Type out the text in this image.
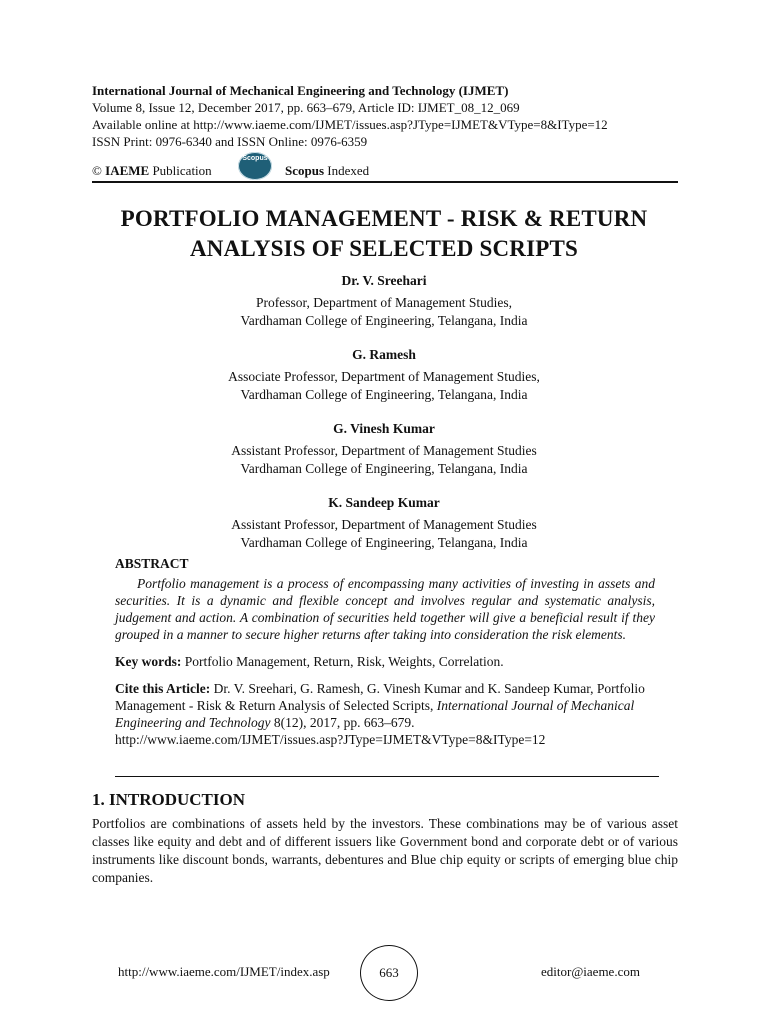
International Journal of Mechanical Engineering and Technology (IJMET)
Volume 8, Issue 12, December 2017, pp. 663–679, Article ID: IJMET_08_12_069
Available online at http://www.iaeme.com/IJMET/issues.asp?JType=IJMET&VType=8&IType=12
ISSN Print: 0976-6340 and ISSN Online: 0976-6359
© IAEME Publication
Scopus
Scopus Indexed
PORTFOLIO MANAGEMENT - RISK & RETURN
ANALYSIS OF SELECTED SCRIPTS
Dr. V. Sreehari
Professor, Department of Management Studies,
Vardhaman College of Engineering, Telangana, India
G. Ramesh
Associate Professor, Department of Management Studies,
Vardhaman College of Engineering, Telangana, India
G. Vinesh Kumar
Assistant Professor, Department of Management Studies
Vardhaman College of Engineering, Telangana, India
K. Sandeep Kumar
Assistant Professor, Department of Management Studies
Vardhaman College of Engineering, Telangana, India
ABSTRACT
Portfolio management is a process of encompassing many activities of investing in assets and securities. It is a dynamic and flexible concept and involves regular and systematic analysis, judgement and action. A combination of securities held together will give a beneficial result if they grouped in a manner to secure higher returns after taking into consideration the risk elements.
Key words: Portfolio Management, Return, Risk, Weights, Correlation.
Cite this Article: Dr. V. Sreehari, G. Ramesh, G. Vinesh Kumar and K. Sandeep Kumar, Portfolio Management - Risk & Return Analysis of Selected Scripts, International Journal of Mechanical Engineering and Technology 8(12), 2017, pp. 663–679.
http://www.iaeme.com/IJMET/issues.asp?JType=IJMET&VType=8&IType=12
1. INTRODUCTION
Portfolios are combinations of assets held by the investors. These combinations may be of various asset classes like equity and debt and of different issuers like Government bond and corporate debt or of various instruments like discount bonds, warrants, debentures and Blue chip equity or scripts of emerging blue chip companies.
http://www.iaeme.com/IJMET/index.asp	663	editor@iaeme.com
